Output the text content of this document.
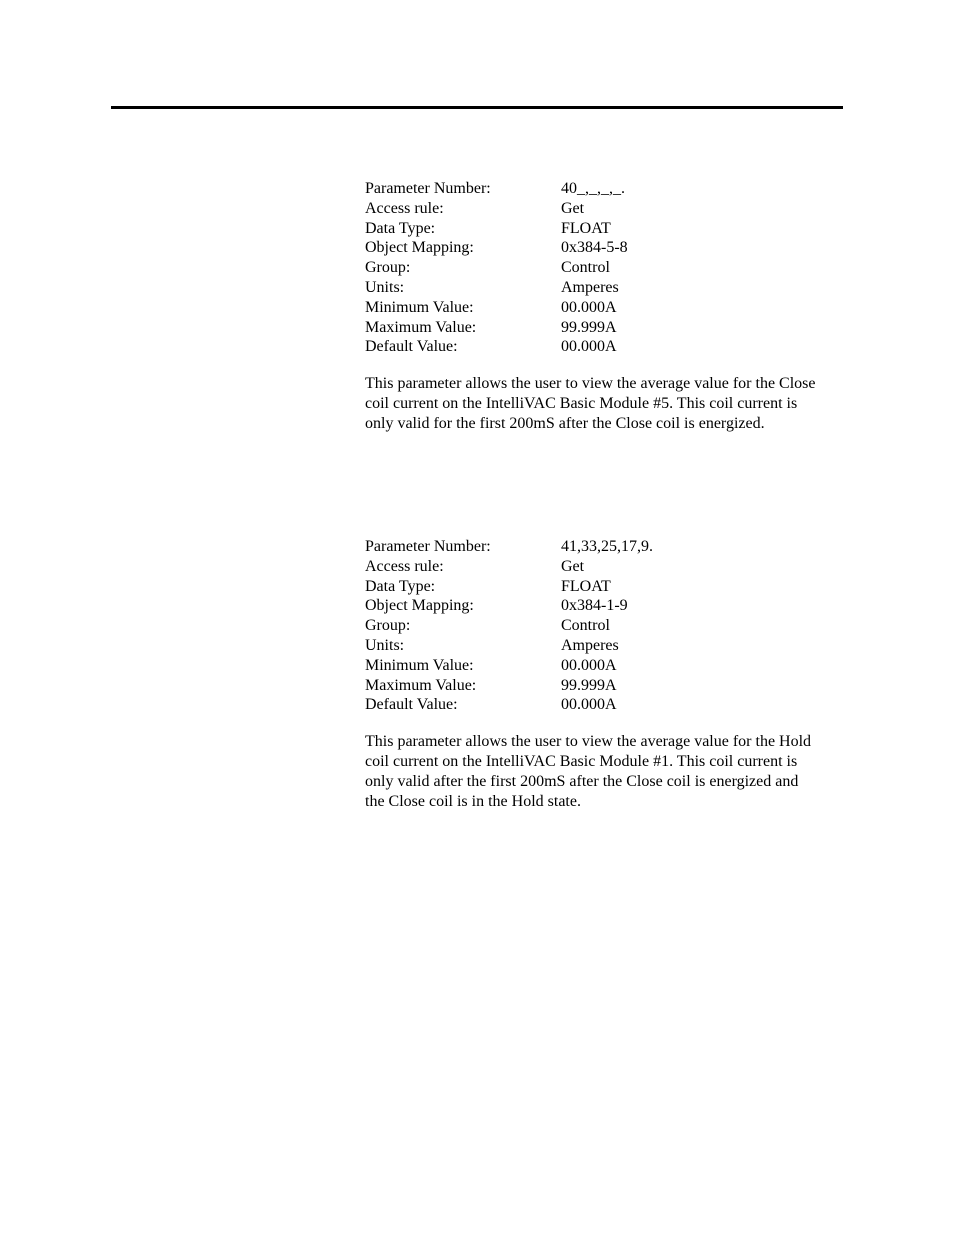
Parameter Number:	40_,_,_,_.
Access rule:	Get
Data Type:	FLOAT
Object Mapping:	0x384-5-8
Group:	Control
Units:	Amperes
Minimum Value:	00.000A
Maximum Value:	99.999A
Default Value:	00.000A

This parameter allows the user to view the average value for the Close coil current on the IntelliVAC Basic Module #5. This coil current is only valid for the first 200mS after the Close coil is energized.

Parameter Number:	41,33,25,17,9.
Access rule:	Get
Data Type:	FLOAT
Object Mapping:	0x384-1-9
Group:	Control
Units:	Amperes
Minimum Value:	00.000A
Maximum Value:	99.999A
Default Value:	00.000A

This parameter allows the user to view the average value for the Hold coil current on the IntelliVAC Basic Module #1. This coil current is only valid after the first 200mS after the Close coil is energized and the Close coil is in the Hold state.
